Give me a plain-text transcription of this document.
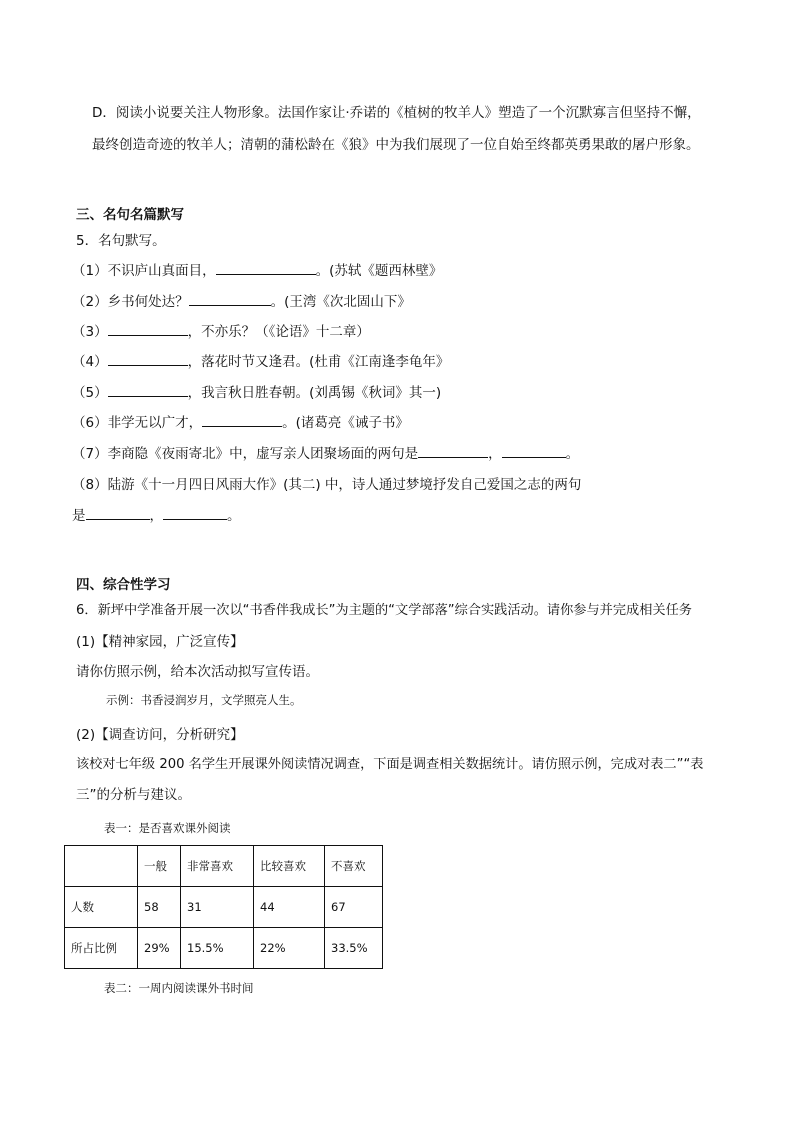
D．阅读小说要关注人物形象。法国作家让·乔诺的《植树的牧羊人》塑造了一个沉默寡言但坚持不懈，
最终创造奇迹的牧羊人；清朝的蒲松龄在《狼》中为我们展现了一位自始至终都英勇果敢的屠户形象。
三、名句名篇默写
5．名句默写。
（1）不识庐山真面目，	。(苏轼《题西林壁》
（2）乡书何处达？	。(王湾《次北固山下》
（3）	，不亦乐？（《论语》十二章）
（4）	，落花时节又逢君。(杜甫《江南逢李龟年》
（5）	，我言秋日胜春朝。(刘禹锡《秋词》其一)
（6）非学无以广才，	。(诸葛亮《诫子书》
（7）李商隐《夜雨寄北》中，虚写亲人团聚场面的两句是	，	。
（8）陆游《十一月四日风雨大作》(其二) 中，诗人通过梦境抒发自己爱国之志的两句
是	，	。
四、综合性学习
6．新坪中学准备开展一次以“书香伴我成长”为主题的“文学部落”综合实践活动。请你参与并完成相关任务
(1)【精神家园，广泛宣传】
请你仿照示例，给本次活动拟写宣传语。
示例：书香浸润岁月，文学照亮人生。
(2)【调查访问，分析研究】
该校对七年级 200 名学生开展课外阅读情况调查，下面是调查相关数据统计。请仿照示例，完成对表二”“表
三”的分析与建议。
表一：是否喜欢课外阅读
	一般	非常喜欢	比较喜欢	不喜欢
人数	58	31	44	67
所占比例	29%	15.5%	22%	33.5%
表二：一周内阅读课外书时间
